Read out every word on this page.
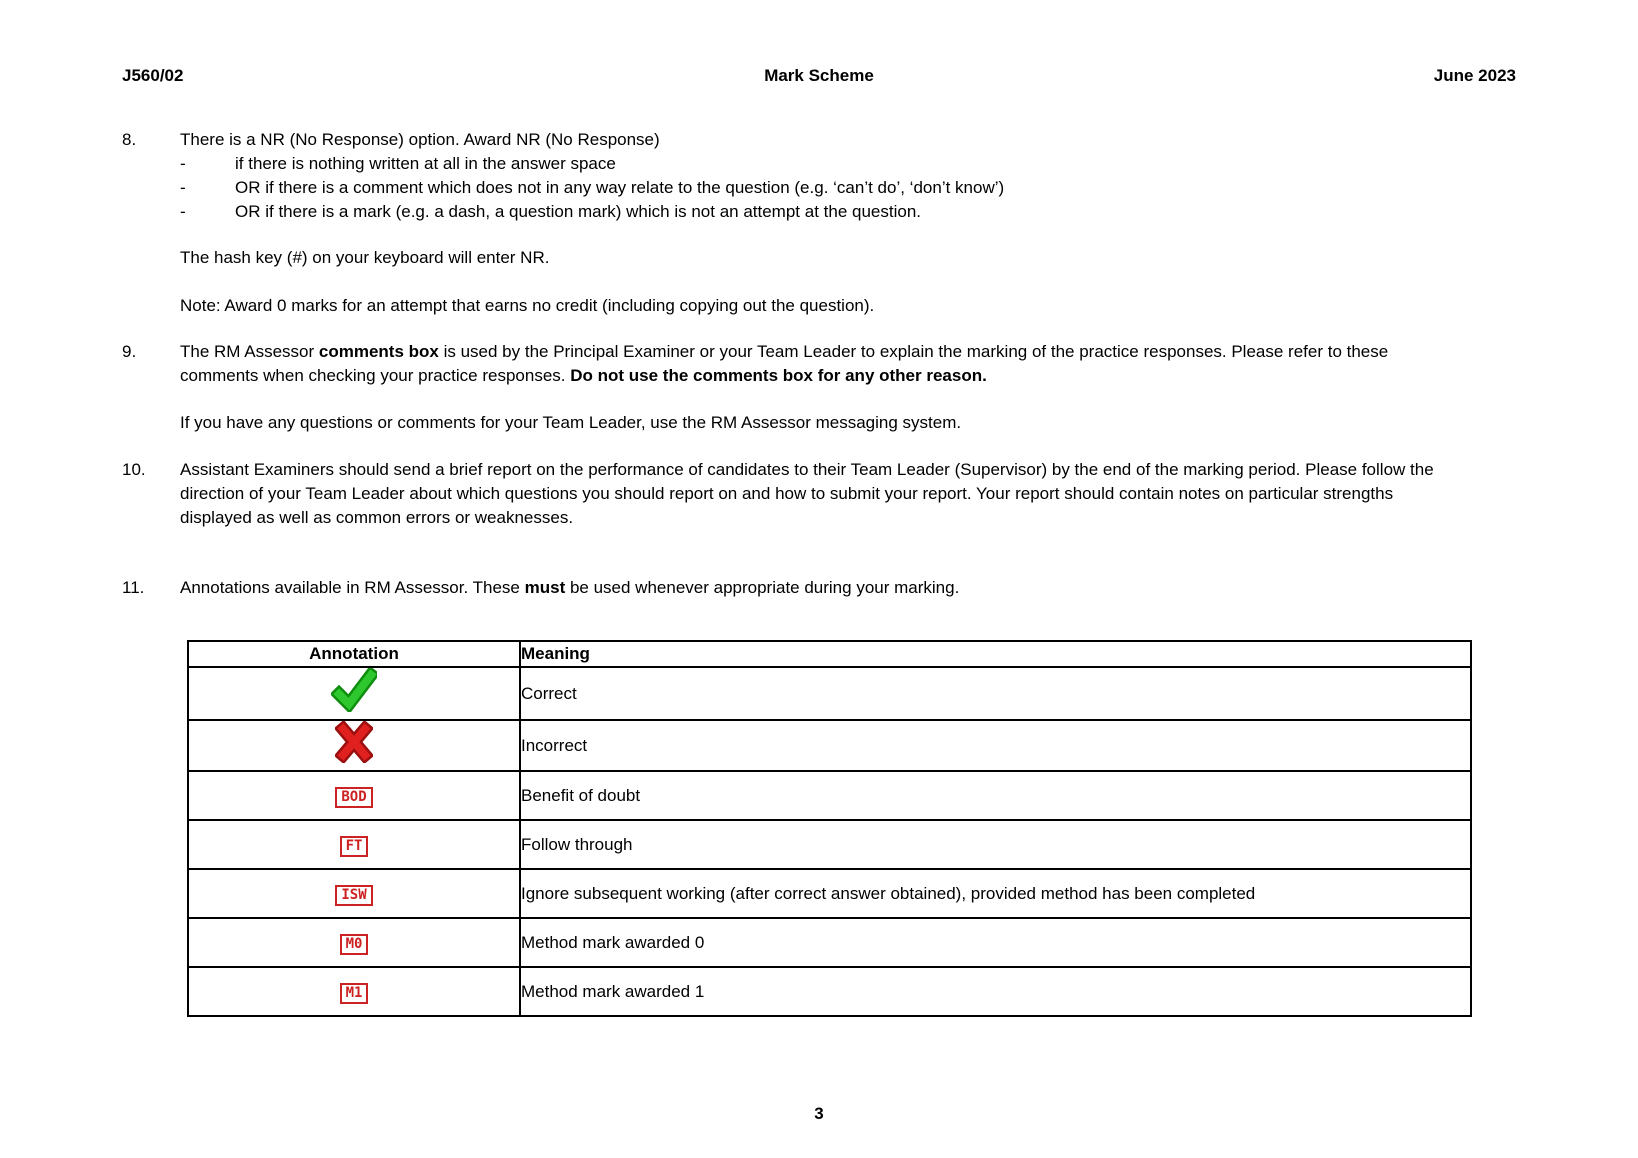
J560/02	Mark Scheme	June 2023
8.	There is a NR (No Response) option. Award NR (No Response)
-	if there is nothing written at all in the answer space
-	OR if there is a comment which does not in any way relate to the question (e.g. ‘can’t do’, ‘don’t know’)
-	OR if there is a mark (e.g. a dash, a question mark) which is not an attempt at the question.
The hash key (#) on your keyboard will enter NR.
Note: Award 0 marks for an attempt that earns no credit (including copying out the question).
9.	The RM Assessor comments box is used by the Principal Examiner or your Team Leader to explain the marking of the practice responses. Please refer to these comments when checking your practice responses. Do not use the comments box for any other reason.
If you have any questions or comments for your Team Leader, use the RM Assessor messaging system.
10.	Assistant Examiners should send a brief report on the performance of candidates to their Team Leader (Supervisor) by the end of the marking period. Please follow the direction of your Team Leader about which questions you should report on and how to submit your report. Your report should contain notes on particular strengths displayed as well as common errors or weaknesses.
11.	Annotations available in RM Assessor. These must be used whenever appropriate during your marking.
Annotation	Meaning
	Correct
	Incorrect
BOD	Benefit of doubt
FT	Follow through
ISW	Ignore subsequent working (after correct answer obtained), provided method has been completed
M0	Method mark awarded 0
M1	Method mark awarded 1
3
